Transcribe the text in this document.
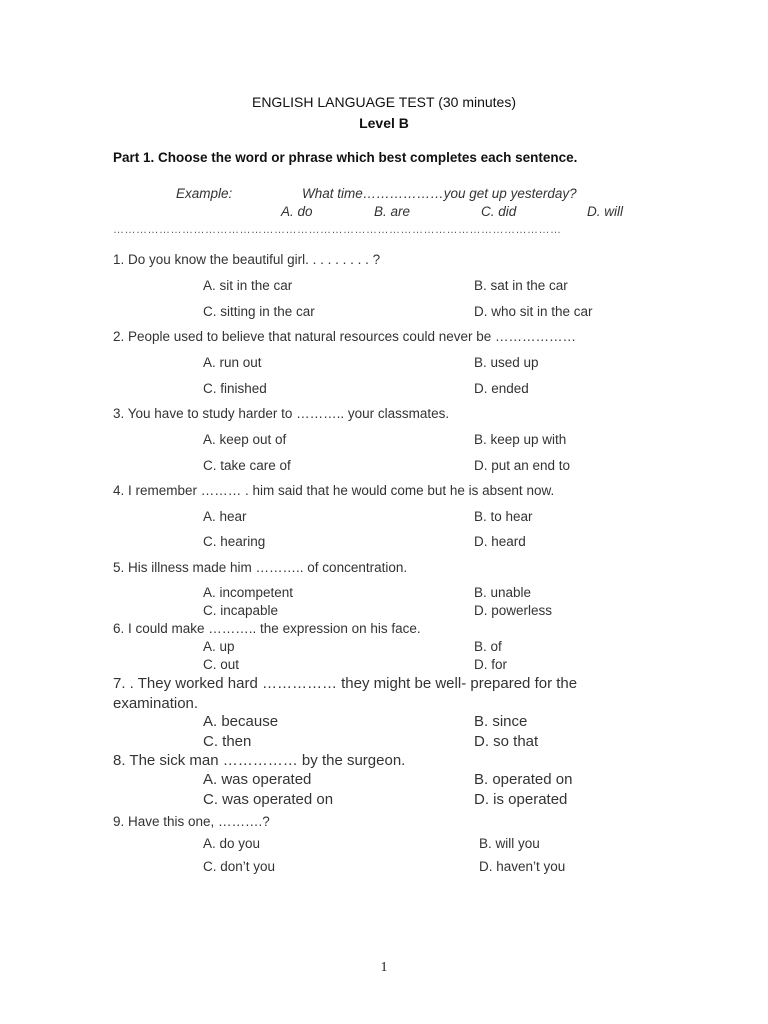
ENGLISH LANGUAGE TEST (30 minutes)
Level B
Part 1. Choose the word or phrase which best completes each sentence.
Example:	What time………………you get up yesterday?
A. do	B. are	C. did	D. will
………………………………………………………………………………………………………
1. Do you know the beautiful girl. . . . . . . . . ?
A. sit in the car	B. sat in the car
C. sitting in the car	D. who sit in the car
2. People used to believe that natural resources could never be ………………
A. run out	B. used up
C. finished	D. ended
3. You have to study harder to ……….. your classmates.
A. keep out of	B. keep up with
C. take care of	D. put an end to
4. I remember ……… . him said that he would come but he is absent now.
A. hear	B. to hear
C. hearing	D. heard
5. His illness made him ……….. of concentration.
A. incompetent	B. unable
C. incapable	D. powerless
6. I could make ……….. the expression on his face.
A. up	B. of
C. out	D. for
7. . They worked hard …………… they might be well- prepared for the examination.
A. because	B. since
C. then	D. so that
8. The sick man …………… by the surgeon.
A. was operated	B. operated on
C. was operated on	D. is operated
9. Have this one, ……….?
A. do you	B. will you
C. don’t you	D. haven’t you
1
